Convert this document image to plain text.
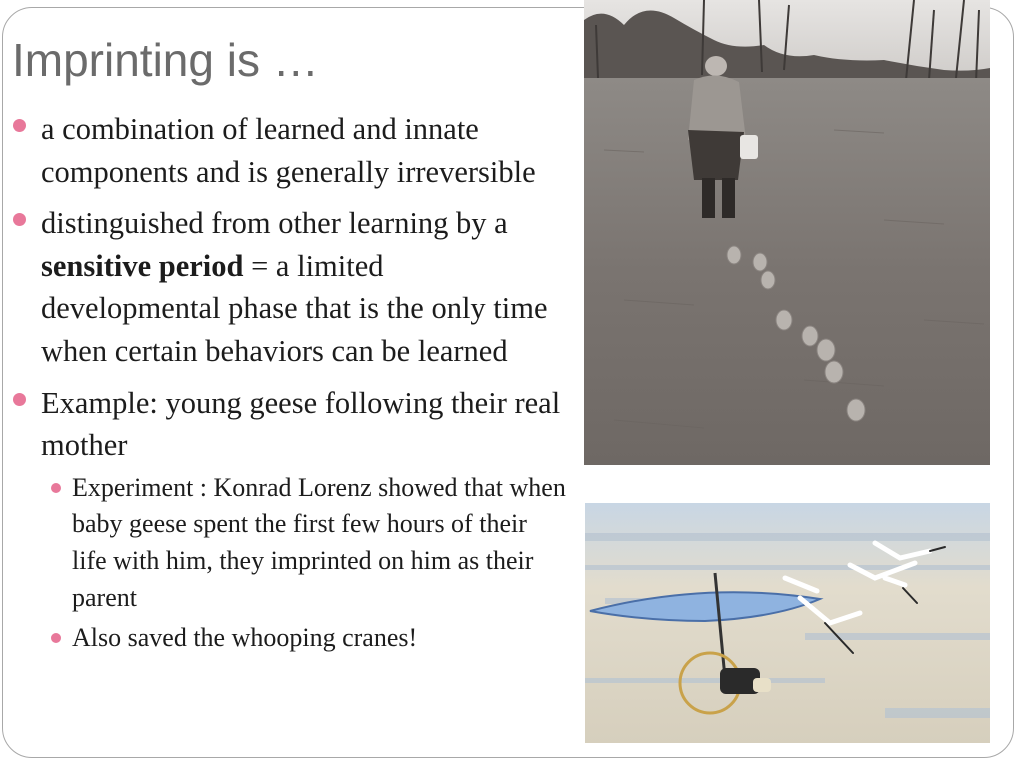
Imprinting is …
a combination of learned and innate components and is generally irreversible
distinguished from other learning by a sensitive period = a limited developmental phase that is the only time when certain behaviors can be learned
Example: young geese following their real mother
Experiment : Konrad Lorenz showed that when baby geese spent the first few hours of their life with him, they imprinted on him as their parent
Also saved the whooping cranes!
